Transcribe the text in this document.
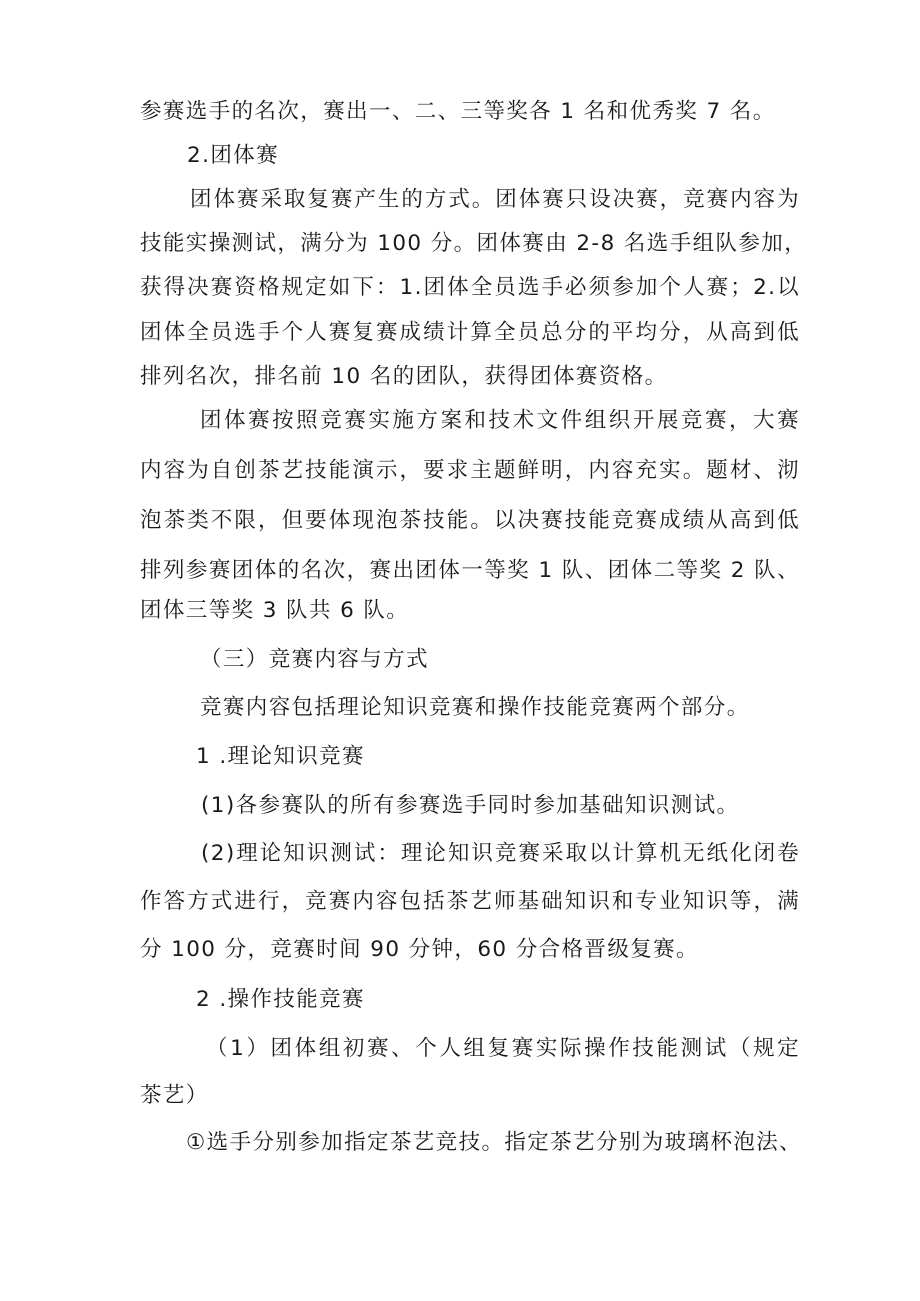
参赛选手的名次，赛出一、二、三等奖各 1 名和优秀奖 7 名。
2.团体赛
团体赛采取复赛产生的方式。团体赛只设决赛，竞赛内容为
技能实操测试，满分为 100 分。团体赛由 2-8 名选手组队参加，
获得决赛资格规定如下：1.团体全员选手必须参加个人赛；2.以
团体全员选手个人赛复赛成绩计算全员总分的平均分，从高到低
排列名次，排名前 10 名的团队，获得团体赛资格。
团体赛按照竞赛实施方案和技术文件组织开展竞赛，大赛
内容为自创茶艺技能演示，要求主题鲜明，内容充实。题材、沏
泡茶类不限，但要体现泡茶技能。以决赛技能竞赛成绩从高到低
排列参赛团体的名次，赛出团体一等奖 1 队、团体二等奖 2 队、
团体三等奖 3 队共 6 队。
（三）竞赛内容与方式
竞赛内容包括理论知识竞赛和操作技能竞赛两个部分。
1 .理论知识竞赛
(1)各参赛队的所有参赛选手同时参加基础知识测试。
(2)理论知识测试：理论知识竞赛采取以计算机无纸化闭卷
作答方式进行，竞赛内容包括茶艺师基础知识和专业知识等，满
分 100 分，竞赛时间 90 分钟，60 分合格晋级复赛。
2 .操作技能竞赛
（1）团体组初赛、个人组复赛实际操作技能测试（规定
茶艺）
①选手分别参加指定茶艺竞技。指定茶艺分别为玻璃杯泡法、
